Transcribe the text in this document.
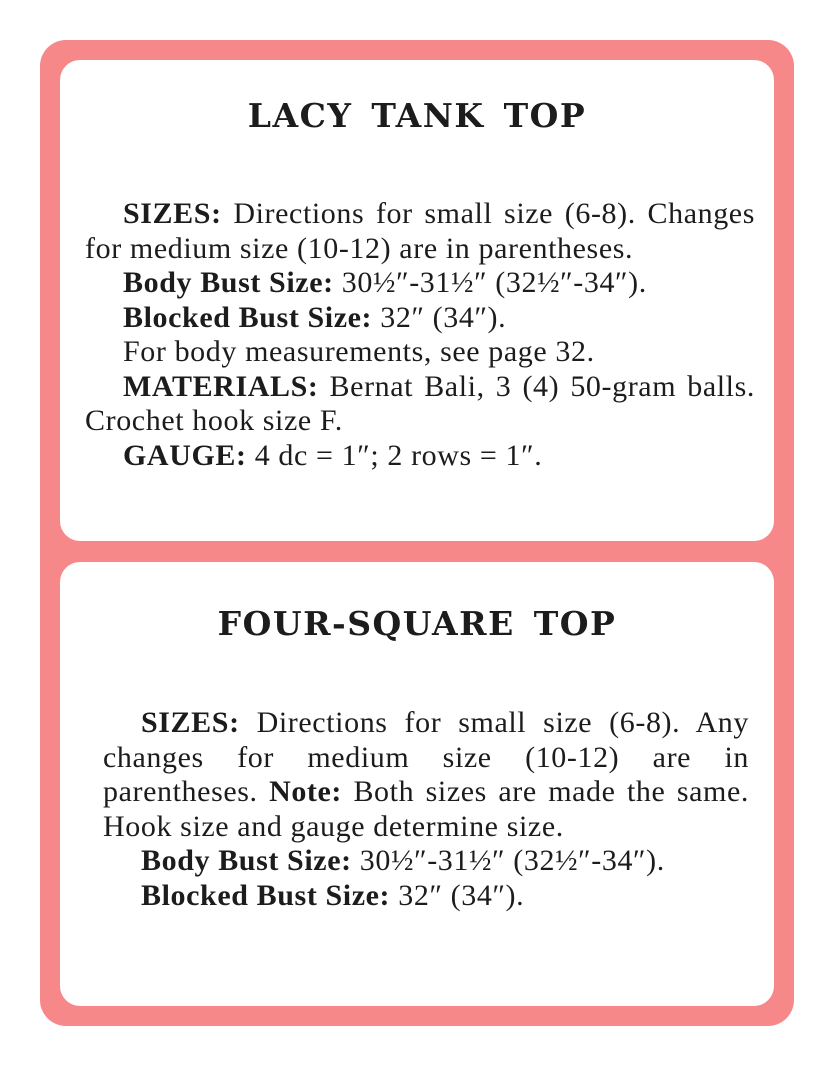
LACY TANK TOP

SIZES: Directions for small size (6-8). Changes for medium size (10-12) are in parentheses.

Body Bust Size: 30½″-31½″ (32½″-34″).

Blocked Bust Size: 32″ (34″).

For body measurements, see page 32.

MATERIALS: Bernat Bali, 3 (4) 50-gram balls. Crochet hook size F.

GAUGE: 4 dc = 1″; 2 rows = 1″.

FOUR-SQUARE TOP

SIZES: Directions for small size (6-8). Any changes for medium size (10-12) are in parentheses. Note: Both sizes are made the same. Hook size and gauge determine size.

Body Bust Size: 30½″-31½″ (32½″-34″).

Blocked Bust Size: 32″ (34″).
